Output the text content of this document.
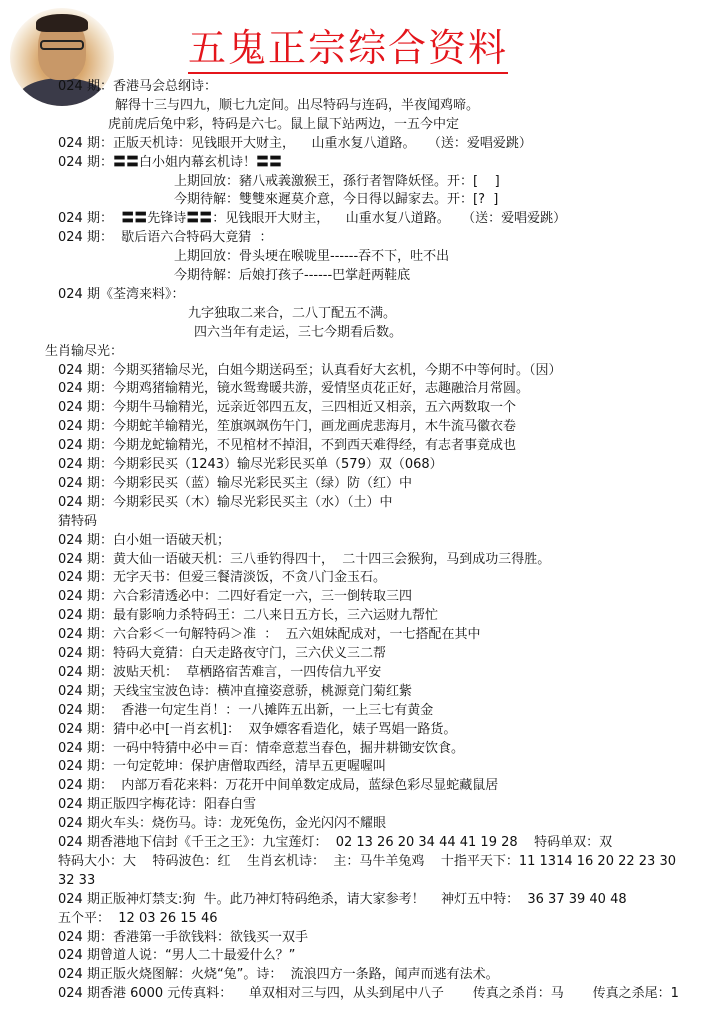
五鬼正宗综合资料
024 期：香港马会总纲诗：
解得十三与四九，顺七九定间。出尽特码与连码，半夜闻鸡啼。
虎前虎后兔中彩，特码是六七。鼠上鼠下站两边，一五今中定
024 期：正版天机诗：见钱眼开大财主，    山重水复八道路。   （送：爱唱爱跳）
024 期：〓〓白小姐内幕玄机诗！〓〓
上期回放：豬八戒義激猴王，孫行者智降妖怪。开：[    ]
今期待解：雙雙來遲莫介意，今日得以歸家去。开：[?  ]
024 期：  〓〓先锋诗〓〓：见钱眼开大财主，    山重水复八道路。   （送：爱唱爱跳）
024 期：  歇后语六合特码大竟猜  ：
上期回放：骨头埂在喉咙里------吞不下，吐不出
今期待解：后娘打孩子------巴掌赶两鞋底
024 期《荃湾来料》：
九字独取二来合，二八丁配五不满。
四六当年有走运，三七今期看后数。
生肖输尽光：
024 期：今期买猪输尽光，白姐今期送码至；认真看好大玄机，今期不中等何时。（因）
024 期：今期鸡猪输精光，镜水鸳鸯暖共游，爱情坚贞花正好，志趣融洽月常圆。
024 期：今期牛马输精光，远亲近邻四五友，三四相近又相亲，五六两数取一个
024 期：今期蛇羊输精光，笙旗飒飒伤午门，画龙画虎悲海月，木牛流马徽衣卷
024 期：今期龙蛇输精光，不见棺材不掉泪，不到西天难得经，有志者事竟成也
024 期：今期彩民买（1243）输尽光彩民买单（579）双（068）
024 期：今期彩民买（蓝）输尽光彩民买主（绿）防（红）中
024 期：今期彩民买（木）输尽光彩民买主（水）（土）中
猜特码
024 期：白小姐一语破天机；
024 期：黄大仙一语破天机：三八垂钓得四十，  二十四三会猴狗，马到成功三得胜。
024 期：无字天书：但爱三餐清淡饭，不贪八门金玉石。
024 期：六合彩清透必中：二四好看定一六，三一倒转取三四
024 期：最有影响力杀特码王：二八来日五方长，三六运财九帮忙
024 期：六合彩＜一句解特码＞准  ：  五六姐妹配成对，一七搭配在其中
024 期：特码大竟猜：白天走路夜守门，三六伏义三二帮
024 期：波贴天机：  草栖路宿苦难言，一四传信九平安
024 期；天线宝宝波色诗：横冲直撞姿意骄，桃源竟门菊红紫
024 期：  香港一句定生肖！：一八摊阵五出新，一上三七有黄金
024 期：猜中必中[一肖玄机]：  双争嫖客看造化，婊子骂娼一路货。
024 期：一码中特猜中必中＝百：情牵意惹当春色，掘井耕锄安饮食。
024 期：一句定乾坤：保护唐僧取西经，清早五更喔喔叫
024 期：  内部万看花来料：万花开中间单数定成局，蓝绿色彩尽显蛇藏鼠居
024 期正版四字梅花诗：阳春白雪
024 期火车头：烧伤马。诗：龙死兔伤，金光闪闪不耀眼
024 期香港地下信封《千王之王》：九宝莲灯：  02 13 26 20 34 44 41 19 28    特码单双：双
特码大小：大    特码波色：红    生肖玄机诗：  主：马牛羊兔鸡    十指平天下：11 1314 16 20 22 23 30
32 33
024 期正版神灯禁支:狗  牛。此乃神灯特码绝杀，请大家参考！    神灯五中特：  36 37 39 40 48
五个平：  12 03 26 15 46
024 期：香港第一手欲钱料：欲钱买一双手
024 期曾道人说：“男人二十最爱什么？”
024 期正版火烧图解：火烧“兔”。诗：  流浪四方一条路，闻声而逃有法术。
024 期香港 6000 元传真料：    单双相对三与四，从头到尾中八子       传真之杀肖：马       传真之杀尾：1
